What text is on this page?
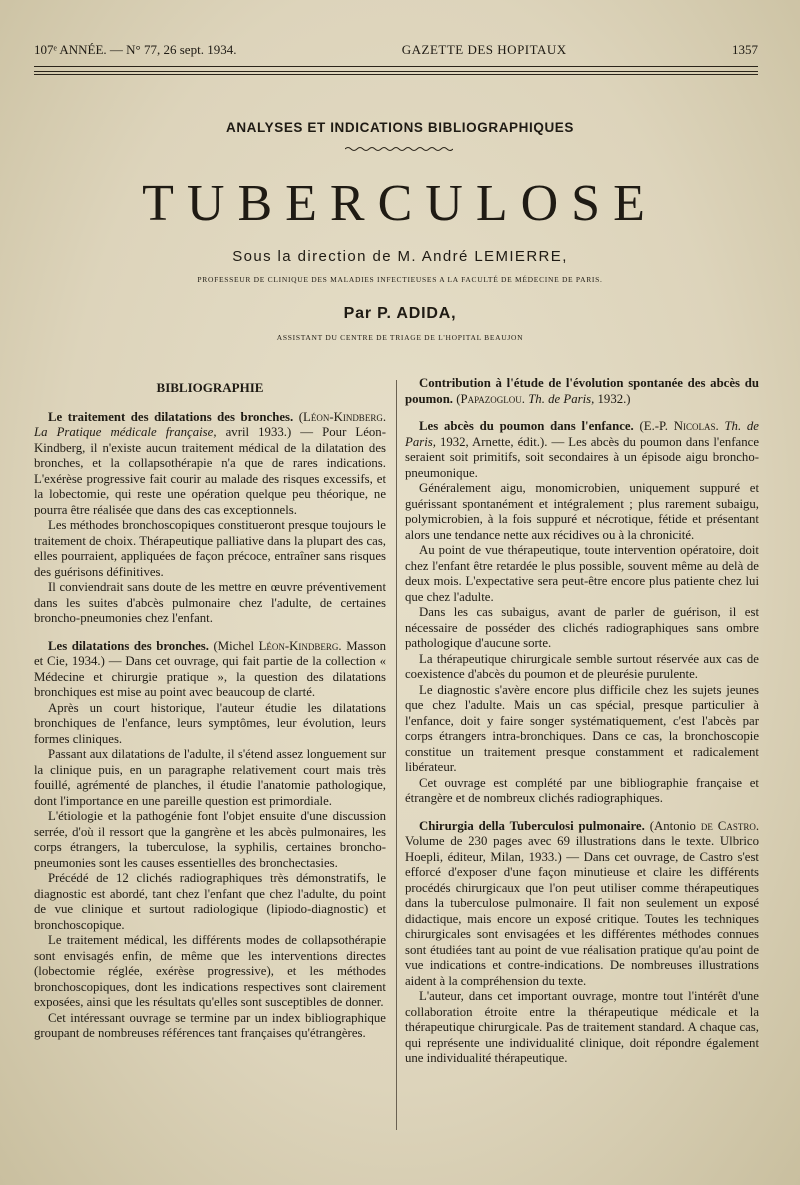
107ᵉ ANNÉE. — N° 77, 26 sept. 1934.	GAZETTE DES HOPITAUX	1357
ANALYSES ET INDICATIONS BIBLIOGRAPHIQUES
TUBERCULOSE
Sous la direction de M. André LEMIERRE,
PROFESSEUR DE CLINIQUE DES MALADIES INFECTIEUSES A LA FACULTÉ DE MÉDECINE DE PARIS.
Par P. ADIDA,
ASSISTANT DU CENTRE DE TRIAGE DE L'HOPITAL BEAUJON
BIBLIOGRAPHIE

Le traitement des dilatations des bronches. (Léon-Kindberg. La Pratique médicale française, avril 1933.) — Pour Léon-Kindberg, il n'existe aucun traitement médical de la dilatation des bronches, et la collapsothérapie n'a que de rares indications. L'exérèse progressive fait courir au malade des risques excessifs, et la lobectomie, qui reste une opération quelque peu théorique, ne pourra être réalisée que dans des cas exceptionnels.

Les méthodes bronchoscopiques constitueront presque toujours le traitement de choix. Thérapeutique palliative dans la plupart des cas, elles pourraient, appliquées de façon précoce, entraîner sans risques des guérisons définitives.

Il conviendrait sans doute de les mettre en œuvre préventivement dans les suites d'abcès pulmonaire chez l'adulte, de certaines broncho-pneumonies chez l'enfant.

Les dilatations des bronches. (Michel Léon-Kindberg. Masson et Cie, 1934.) — Dans cet ouvrage, qui fait partie de la collection « Médecine et chirurgie pratique », la question des dilatations bronchiques est mise au point avec beaucoup de clarté.

Après un court historique, l'auteur étudie les dilatations bronchiques de l'enfance, leurs symptômes, leur évolution, leurs formes cliniques.

Passant aux dilatations de l'adulte, il s'étend assez longuement sur la clinique puis, en un paragraphe relativement court mais très fouillé, agrémenté de planches, il étudie l'anatomie pathologique, dont l'importance en une pareille question est primordiale.

L'étiologie et la pathogénie font l'objet ensuite d'une discussion serrée, d'où il ressort que la gangrène et les abcès pulmonaires, les corps étrangers, la tuberculose, la syphilis, certaines broncho-pneumonies sont les causes essentielles des bronchectasies.

Précédé de 12 clichés radiographiques très démonstratifs, le diagnostic est abordé, tant chez l'enfant que chez l'adulte, du point de vue clinique et surtout radiologique (lipiodo-diagnostic) et bronchoscopique.

Le traitement médical, les différents modes de collapsothérapie sont envisagés enfin, de même que les interventions directes (lobectomie réglée, exérèse progressive), et les méthodes bronchoscopiques, dont les indications respectives sont clairement exposées, ainsi que les résultats qu'elles sont susceptibles de donner.

Cet intéressant ouvrage se termine par un index bibliographique groupant de nombreuses références tant françaises qu'étrangères.

Contribution à l'étude de l'évolution spontanée des abcès du poumon. (Papazoglou. Th. de Paris, 1932.)

Les abcès du poumon dans l'enfance. (E.-P. Nicolas. Th. de Paris, 1932, Arnette, édit.). — Les abcès du poumon dans l'enfance seraient soit primitifs, soit secondaires à un épisode aigu broncho-pneumonique.

Généralement aigu, monomicrobien, uniquement suppuré et guérissant spontanément et intégralement ; plus rarement subaigu, polymicrobien, à la fois suppuré et nécrotique, fétide et présentant alors une tendance nette aux récidives ou à la chronicité.

Au point de vue thérapeutique, toute intervention opératoire, doit chez l'enfant être retardée le plus possible, souvent même au delà de deux mois. L'expectative sera peut-être encore plus patiente chez lui que chez l'adulte.

Dans les cas subaigus, avant de parler de guérison, il est nécessaire de posséder des clichés radiographiques sans ombre pathologique d'aucune sorte.

La thérapeutique chirurgicale semble surtout réservée aux cas de coexistence d'abcès du poumon et de pleurésie purulente.

Le diagnostic s'avère encore plus difficile chez les sujets jeunes que chez l'adulte. Mais un cas spécial, presque particulier à l'enfance, doit y faire songer systématiquement, c'est l'abcès par corps étrangers intra-bronchiques. Dans ce cas, la bronchoscopie constitue un traitement presque constamment et radicalement libérateur.

Cet ouvrage est complété par une bibliographie française et étrangère et de nombreux clichés radiographiques.

Chirurgia della Tuberculosi pulmonaire. (Antonio de Castro. Volume de 230 pages avec 69 illustrations dans le texte. Ulbrico Hoepli, éditeur, Milan, 1933.) — Dans cet ouvrage, de Castro s'est efforcé d'exposer d'une façon minutieuse et claire les différents procédés chirurgicaux que l'on peut utiliser comme thérapeutiques dans la tuberculose pulmonaire. Il fait non seulement un exposé didactique, mais encore un exposé critique. Toutes les techniques chirurgicales sont envisagées et les différentes méthodes connues sont étudiées tant au point de vue réalisation pratique qu'au point de vue indications et contre-indications. De nombreuses illustrations aident à la compréhension du texte.

L'auteur, dans cet important ouvrage, montre tout l'intérêt d'une collaboration étroite entre la thérapeutique médicale et la thérapeutique chirurgicale. Pas de traitement standard. A chaque cas, qui représente une individualité clinique, doit répondre également une individualité thérapeutique.
